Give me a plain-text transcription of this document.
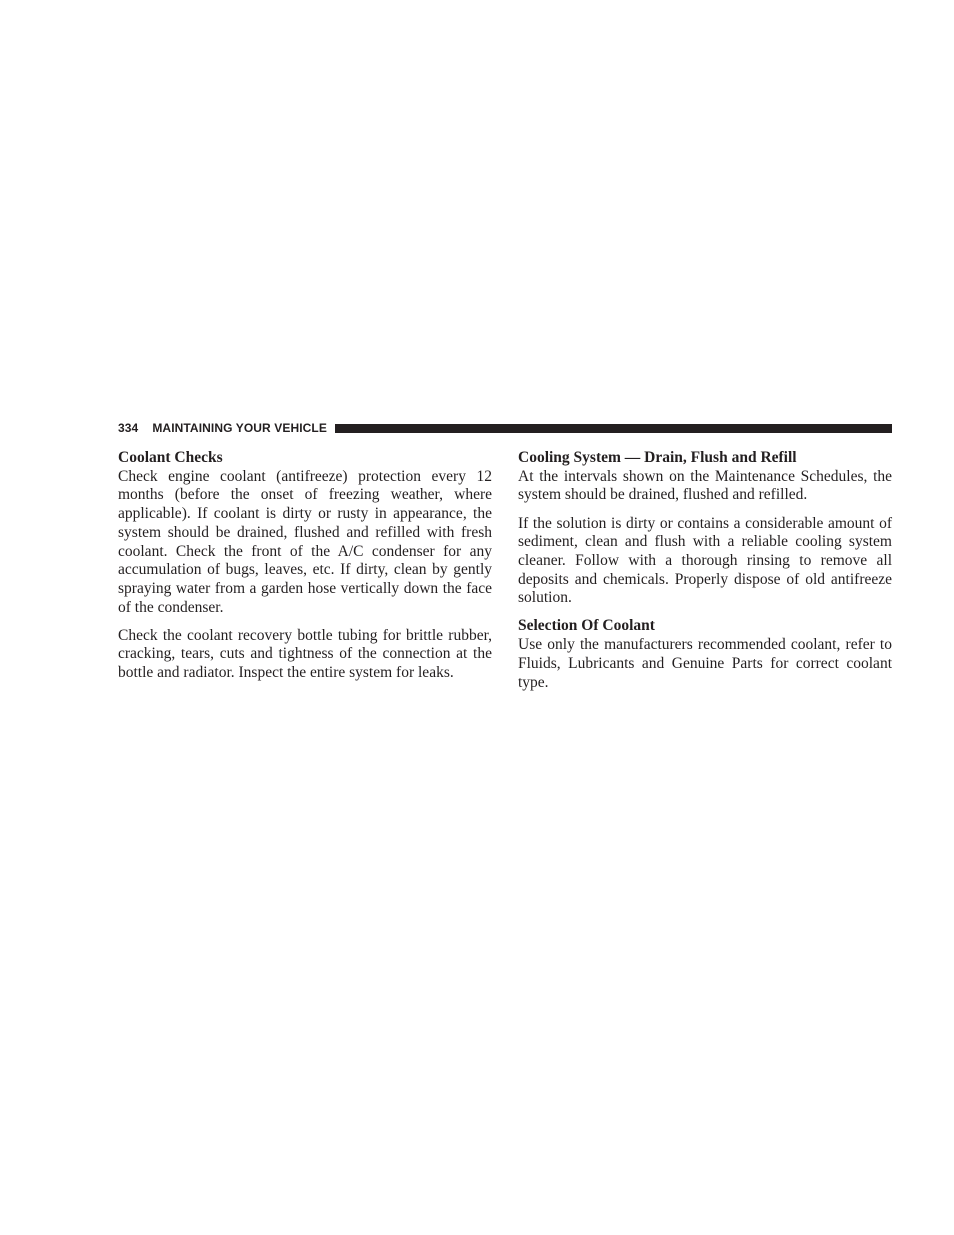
334 MAINTAINING YOUR VEHICLE
Coolant Checks

Check engine coolant (antifreeze) protection every 12 months (before the onset of freezing weather, where applicable). If coolant is dirty or rusty in appearance, the system should be drained, flushed and refilled with fresh coolant. Check the front of the A/C condenser for any accumulation of bugs, leaves, etc. If dirty, clean by gently spraying water from a garden hose vertically down the face of the condenser.

Check the coolant recovery bottle tubing for brittle rubber, cracking, tears, cuts and tightness of the connection at the bottle and radiator. Inspect the entire system for leaks.

Cooling System — Drain, Flush and Refill

At the intervals shown on the Maintenance Schedules, the system should be drained, flushed and refilled.

If the solution is dirty or contains a considerable amount of sediment, clean and flush with a reliable cooling system cleaner. Follow with a thorough rinsing to remove all deposits and chemicals. Properly dispose of old antifreeze solution.

Selection Of Coolant

Use only the manufacturers recommended coolant, refer to Fluids, Lubricants and Genuine Parts for correct coolant type.
